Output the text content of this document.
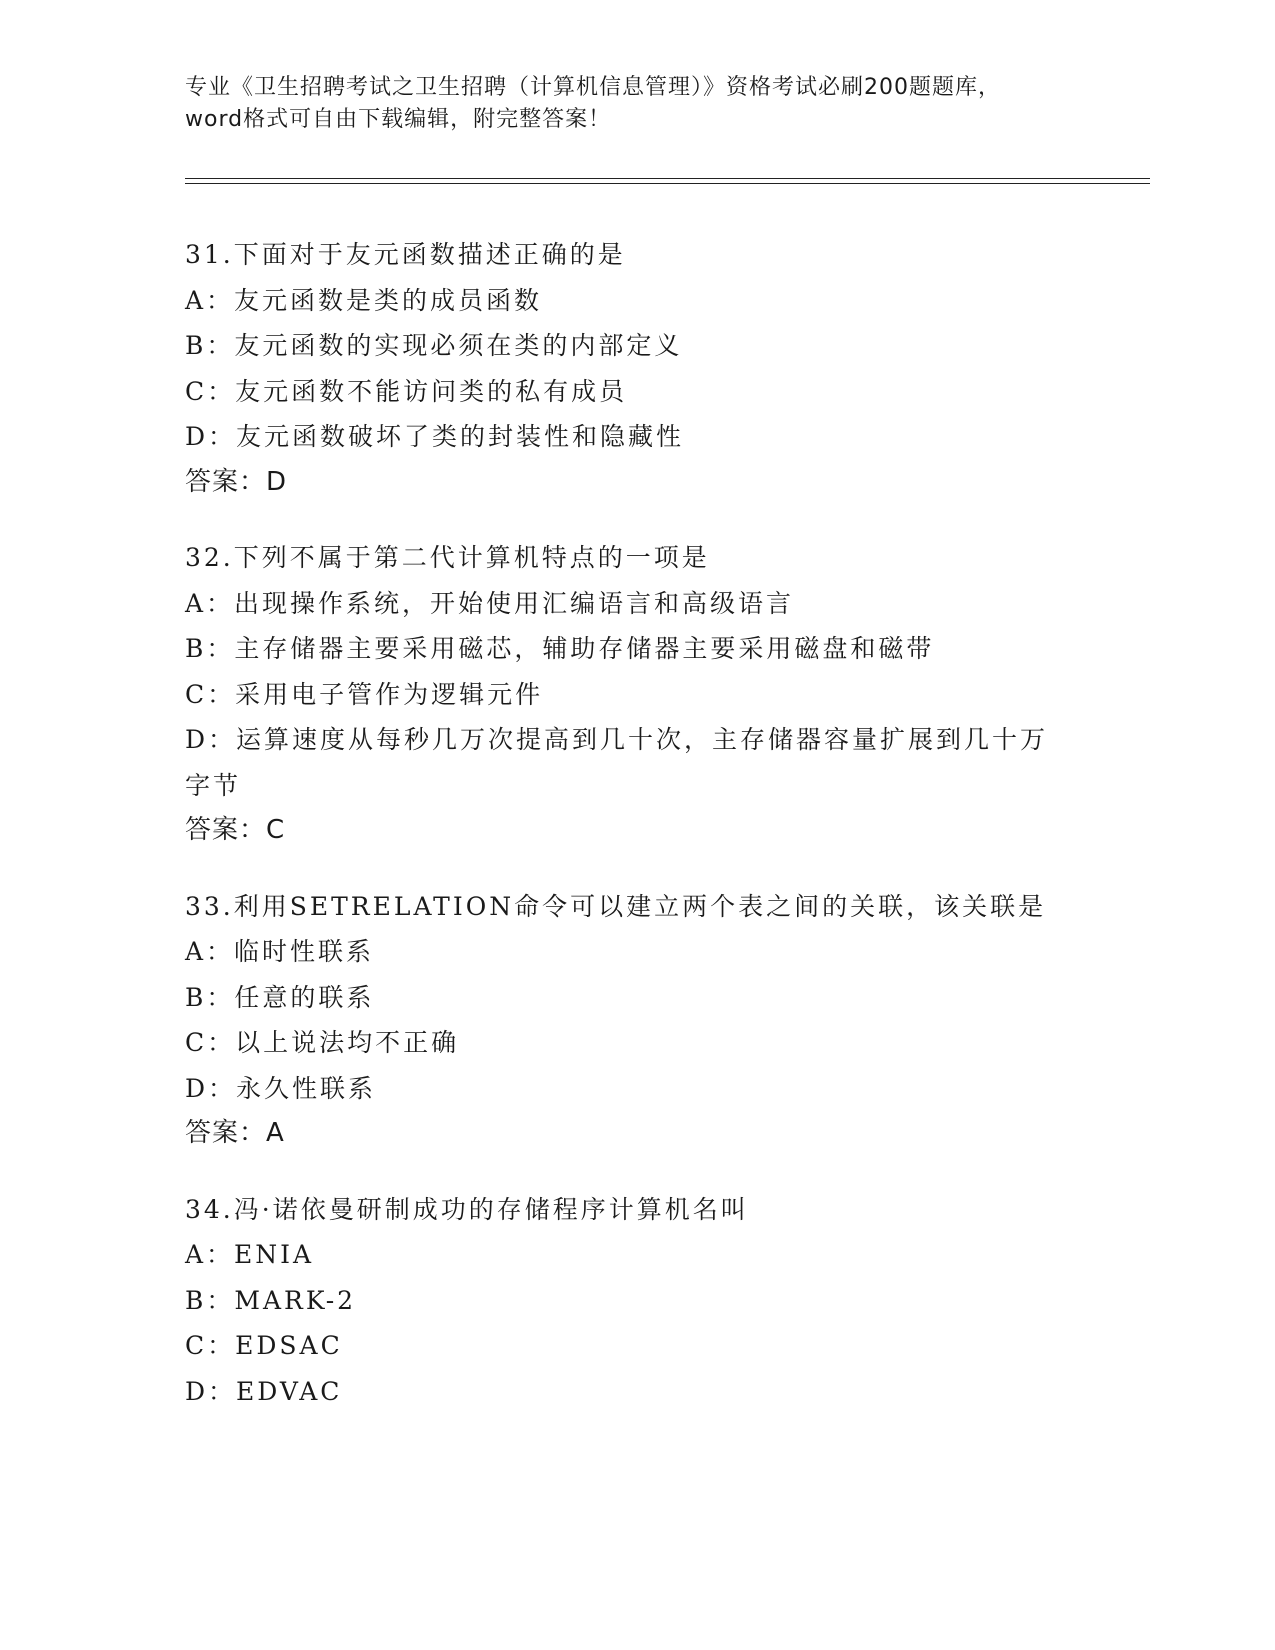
专业《卫生招聘考试之卫生招聘（计算机信息管理）》资格考试必刷200题题库，
word格式可自由下载编辑，附完整答案！
31.下面对于友元函数描述正确的是
A：友元函数是类的成员函数
B：友元函数的实现必须在类的内部定义
C：友元函数不能访问类的私有成员
D：友元函数破坏了类的封装性和隐藏性
答案：D
32.下列不属于第二代计算机特点的一项是
A：出现操作系统，开始使用汇编语言和高级语言
B：主存储器主要采用磁芯，辅助存储器主要采用磁盘和磁带
C：采用电子管作为逻辑元件
D：运算速度从每秒几万次提高到几十次，主存储器容量扩展到几十万字节
答案：C
33.利用SETRELATION命令可以建立两个表之间的关联，该关联是
A：临时性联系
B：任意的联系
C：以上说法均不正确
D：永久性联系
答案：A
34.冯·诺依曼研制成功的存储程序计算机名叫
A：ENIA
B：MARK-2
C：EDSAC
D：EDVAC
